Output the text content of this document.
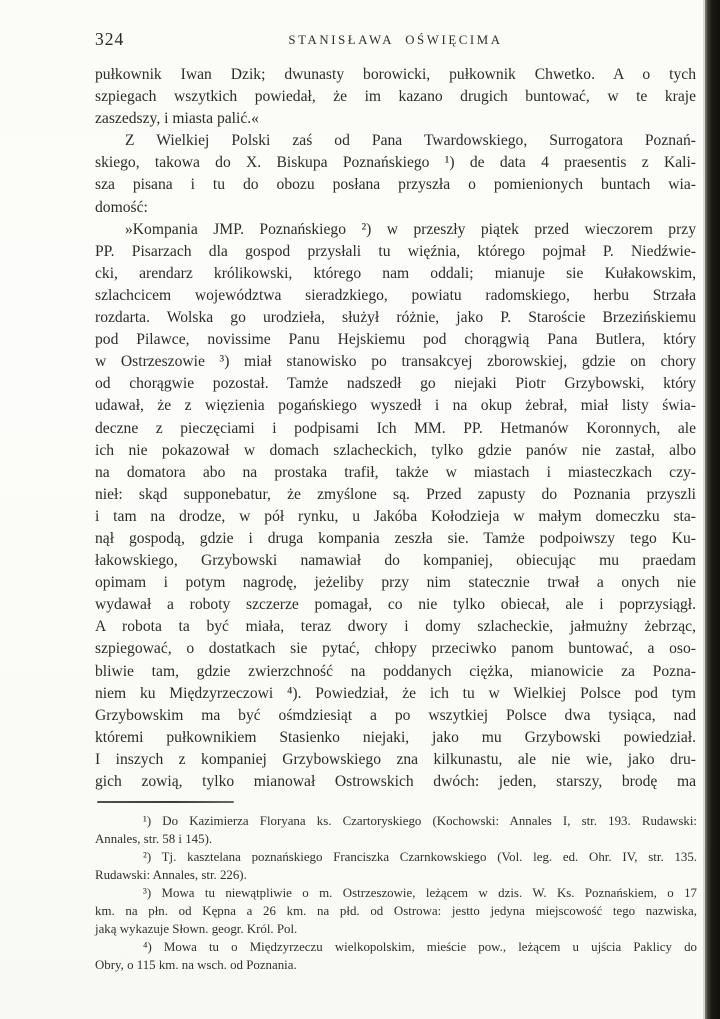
324	STANISŁAWA OŚWIĘCIMA
pułkownik Iwan Dzik; dwunasty borowicki, pułkownik Chwetko. A o tych
szpiegach wszytkich powiedał, że im kazano drugich buntować, w te kraje
zaszedszy, i miasta palić.«
Z Wielkiej Polski zaś od Pana Twardowskiego, Surrogatora Poznań-
skiego, takowa do X. Biskupa Poznańskiego ¹) de data 4 praesentis z Kali-
sza pisana i tu do obozu posłana przyszła o pomienionych buntach wia-
domość:
»Kompania JMP. Poznańskiego ²) w przeszły piątek przed wieczorem przy
PP. Pisarzach dla gospod przysłali tu więźnia, którego pojmał P. Niedźwie-
cki, arendarz królikowski, którego nam oddali; mianuje sie Kułakowskim,
szlachcicem województwa sieradzkiego, powiatu radomskiego, herbu Strzała
rozdarta. Wolska go urodzieła, służył różnie, jako P. Staroście Brzezińskiemu
pod Pilawce, novissime Panu Hejskiemu pod chorągwią Pana Butlera, który
w Ostrzeszowie ³) miał stanowisko po transakcyej zborowskiej, gdzie on chory
od chorągwie pozostał. Tamże nadszedł go niejaki Piotr Grzybowski, który
udawał, że z więzienia pogańskiego wyszedł i na okup żebrał, miał listy świa-
deczne z pieczęciami i podpisami Ich MM. PP. Hetmanów Koronnych, ale
ich nie pokazował w domach szlacheckich, tylko gdzie panów nie zastał, albo
na domatora abo na prostaka trafił, także w miastach i miasteczkach czy-
nieł: skąd supponebatur, że zmyślone są. Przed zapusty do Poznania przyszli
i tam na drodze, w pół rynku, u Jakóba Kołodzieja w małym domeczku sta-
nął gospodą, gdzie i druga kompania zeszła sie. Tamże podpoiwszy tego Ku-
łakowskiego, Grzybowski namawiał do kompaniej, obiecując mu praedam
opimam i potym nagrodę, jeżeliby przy nim statecznie trwał a onych nie
wydawał a roboty szczerze pomagał, co nie tylko obiecał, ale i poprzysiągł.
A robota ta być miała, teraz dwory i domy szlacheckie, jałmużny żebrząc,
szpiegować, o dostatkach sie pytać, chłopy przeciwko panom buntować, a oso-
bliwie tam, gdzie zwierzchność na poddanych ciężka, mianowicie za Pozna-
niem ku Międzyrzeczowi ⁴). Powiedział, że ich tu w Wielkiej Polsce pod tym
Grzybowskim ma być ośmdziesiąt a po wszytkiej Polsce dwa tysiąca, nad
któremi pułkownikiem Stasienko niejaki, jako mu Grzybowski powiedział.
I inszych z kompaniej Grzybowskiego zna kilkunastu, ale nie wie, jako dru-
gich zowią, tylko mianował Ostrowskich dwóch: jeden, starszy, brodę ma
¹) Do Kazimierza Floryana ks. Czartoryskiego (Kochowski: Annales I, str. 193. Rudawski:
Annales, str. 58 i 145).
²) Tj. kasztelana poznańskiego Franciszka Czarnkowskiego (Vol. leg. ed. Ohr. IV, str. 135.
Rudawski: Annales, str. 226).
³) Mowa tu niewątpliwie o m. Ostrzeszowie, leżącem w dzis. W. Ks. Poznańskiem, o 17
km. na płn. od Kępna a 26 km. na płd. od Ostrowa: jestto jedyna miejscowość tego nazwiska,
jaką wykazuje Słown. geogr. Król. Pol.
⁴) Mowa tu o Międzyrzeczu wielkopolskim, mieście pow., leżącem u ujścia Paklicy do
Obry, o 115 km. na wsch. od Poznania.
